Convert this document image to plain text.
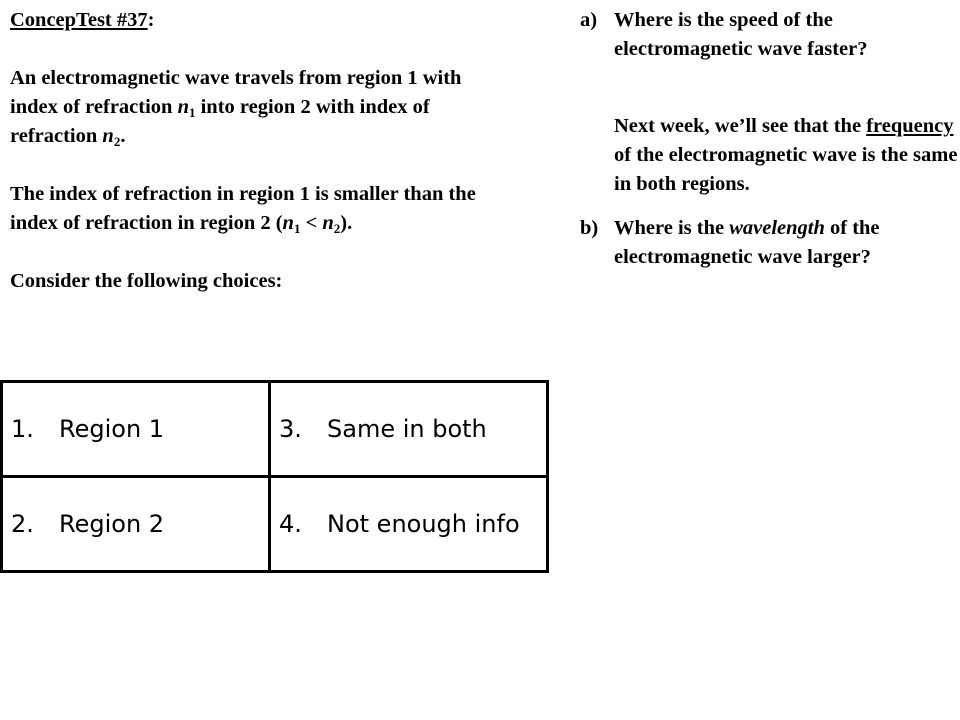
ConcepTest #37:

An electromagnetic wave travels from region 1 with index of refraction $n_1$ into region 2 with index of refraction $n_2$.

The index of refraction in region 1 is smaller than the index of refraction in region 2 $(n_1 < n_2)$.

Consider the following choices:

a) Where is the speed of the electromagnetic wave faster?
Next week, we’ll see that the frequency of the electromagnetic wave is the same in both regions.
b) Where is the wavelength of the electromagnetic wave larger?
1. Region 1	3. Same in both

2. Region 2	4. Not enough info
